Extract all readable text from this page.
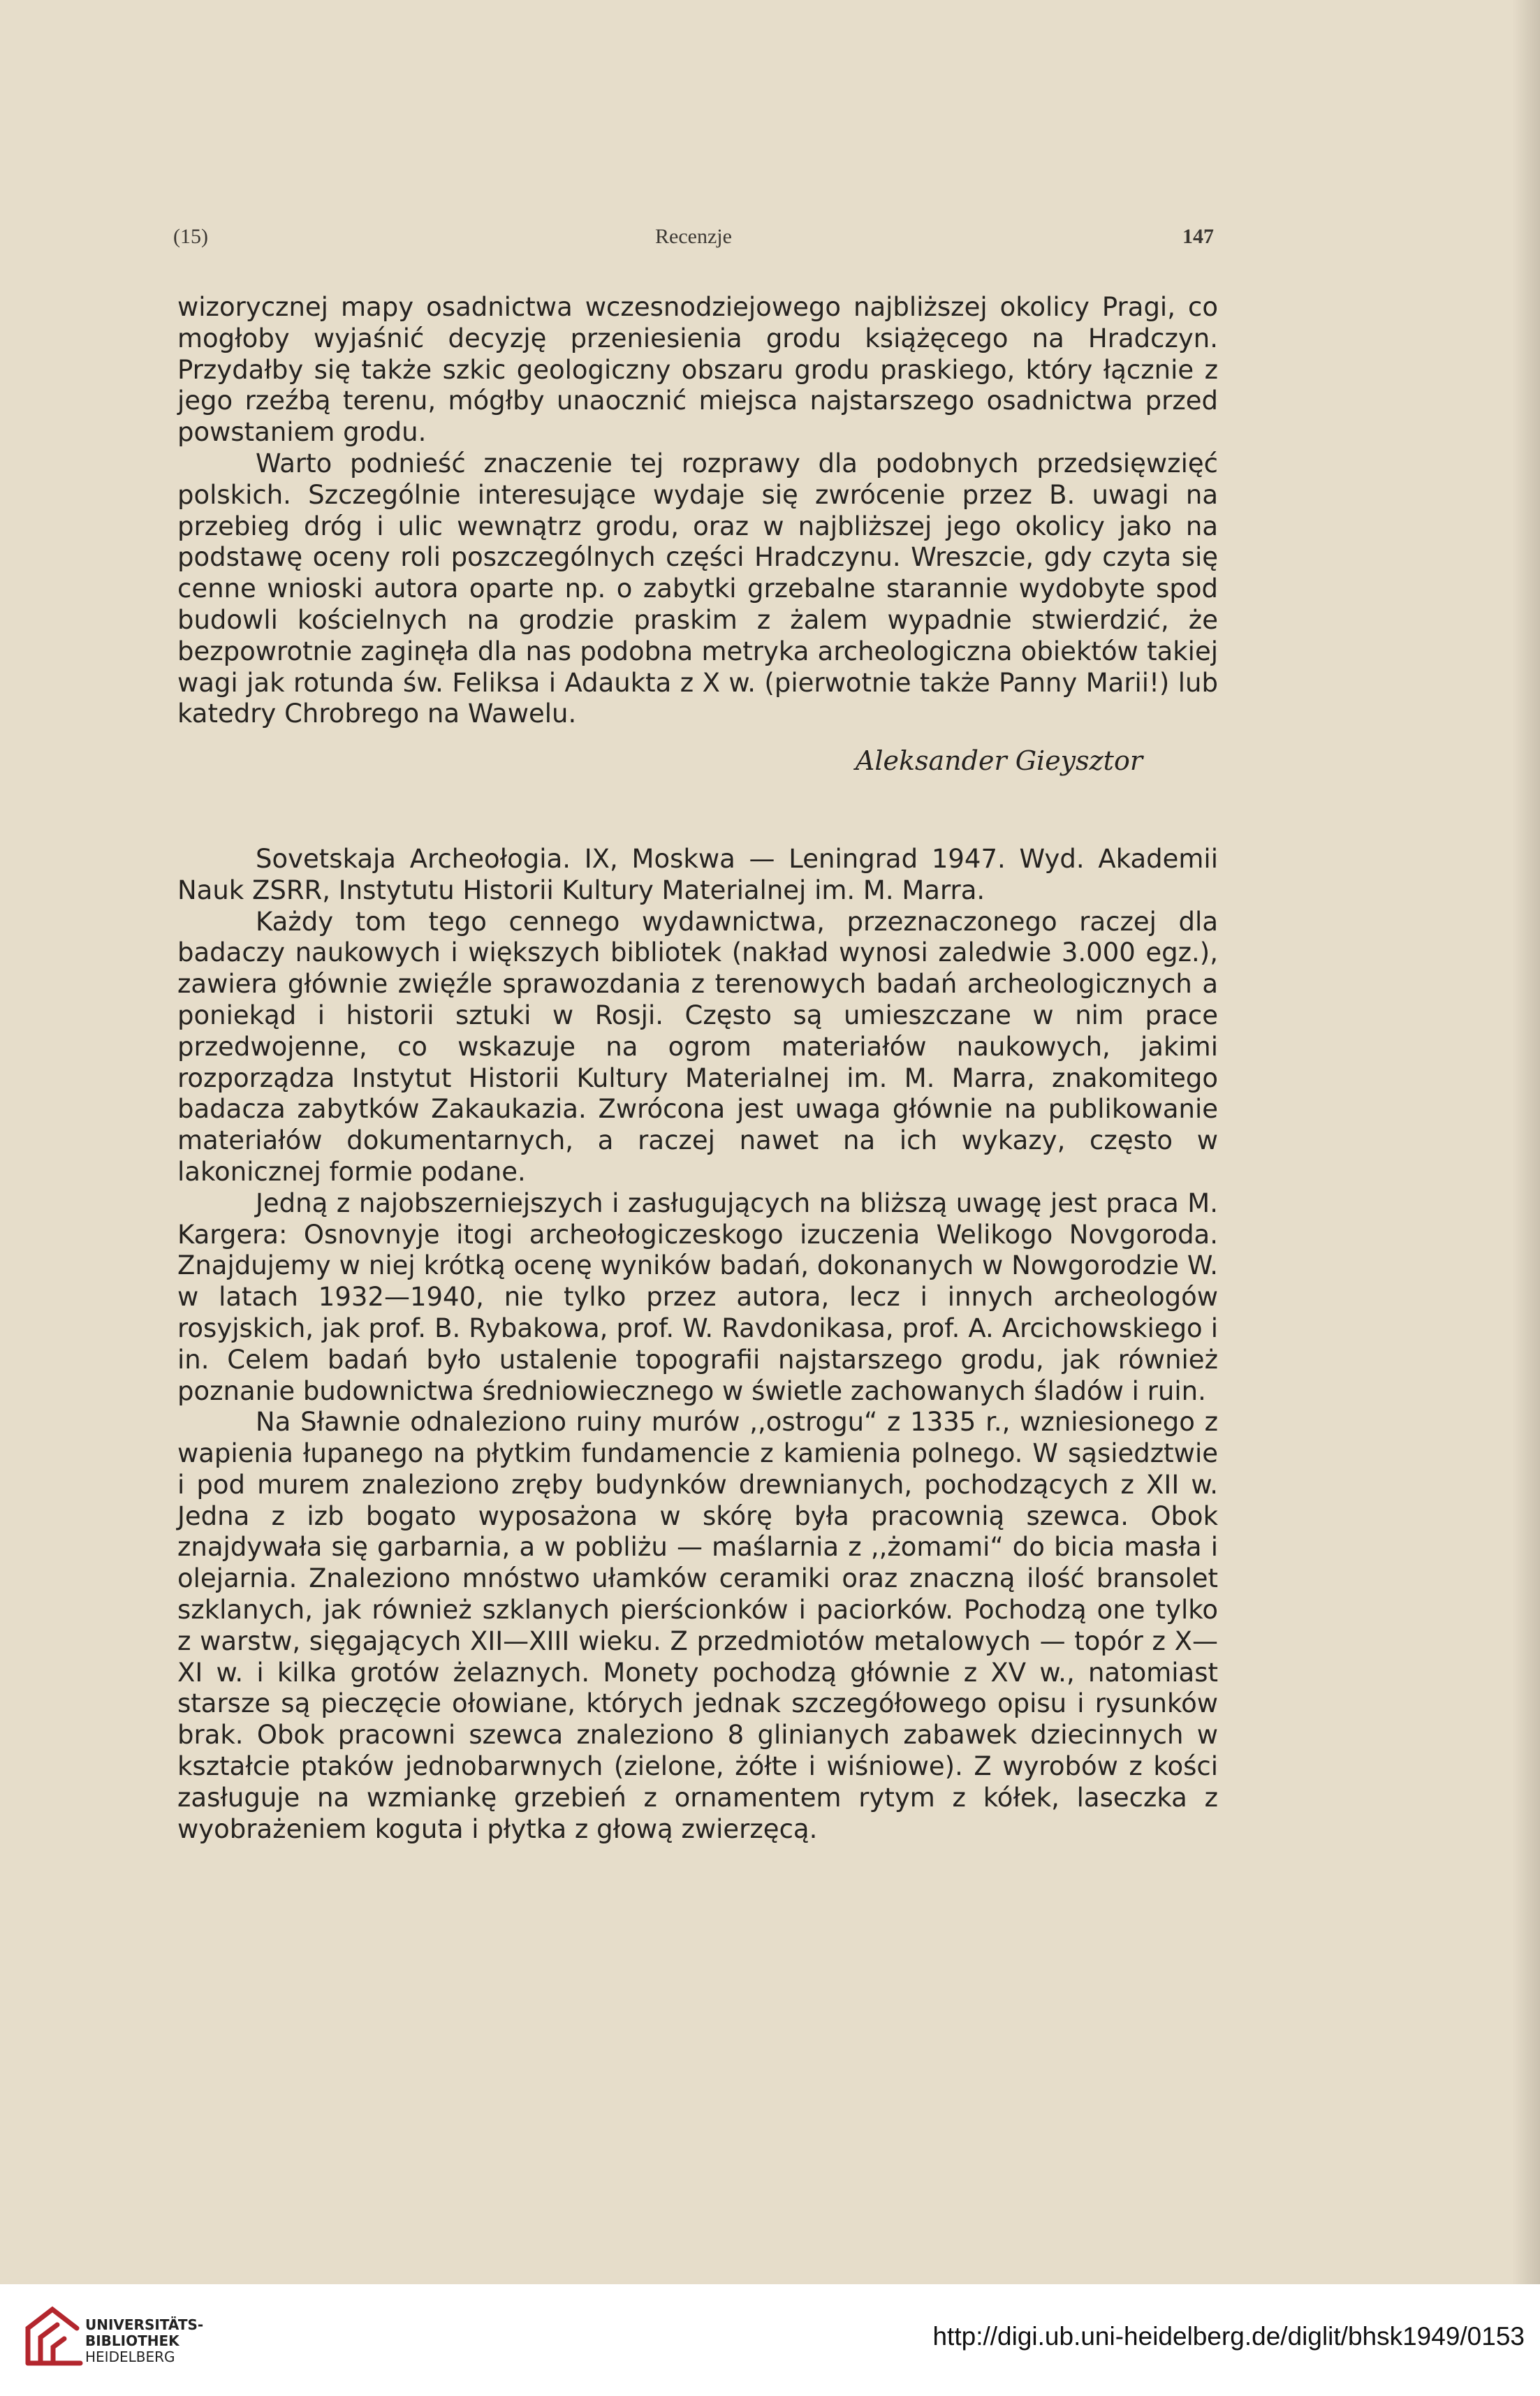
(15)	Recenzje	147

wizorycznej mapy osadnictwa wczesnodziejowego najbliższej okolicy Pragi, co mogłoby wyjaśnić decyzję przeniesienia grodu książęcego na Hradczyn. Przydałby się także szkic geologiczny obszaru grodu praskiego, który łącznie z jego rzeźbą terenu, mógłby unaocznić miejsca najstarszego osadnictwa przed powstaniem grodu.

Warto podnieść znaczenie tej rozprawy dla podobnych przedsięwzięć polskich. Szczególnie interesujące wydaje się zwrócenie przez B. uwagi na przebieg dróg i ulic wewnątrz grodu, oraz w najbliższej jego okolicy jako na podstawę oceny roli poszczególnych części Hradczynu. Wreszcie, gdy czyta się cenne wnioski autora oparte np. o zabytki grzebalne starannie wydobyte spod budowli kościelnych na grodzie praskim z żalem wypadnie stwierdzić, że bezpowrotnie zaginęła dla nas podobna metryka archeologiczna obiektów takiej wagi jak rotunda św. Feliksa i Adaukta z X w. (pierwotnie także Panny Marii!) lub katedry Chrobrego na Wawelu.

Aleksander Gieysztor

Sovetskaja Archeołogia. IX, Moskwa — Leningrad 1947. Wyd. Akademii Nauk ZSRR, Instytutu Historii Kultury Materialnej im. M. Marra.

Każdy tom tego cennego wydawnictwa, przeznaczonego raczej dla badaczy naukowych i większych bibliotek (nakład wynosi zaledwie 3.000 egz.), zawiera głównie zwięźle sprawozdania z terenowych badań archeologicznych a poniekąd i historii sztuki w Rosji. Często są umieszczane w nim prace przedwojenne, co wskazuje na ogrom materiałów naukowych, jakimi rozporządza Instytut Historii Kultury Materialnej im. M. Marra, znakomitego badacza zabytków Zakaukazia. Zwrócona jest uwaga głównie na publikowanie materiałów dokumentarnych, a raczej nawet na ich wykazy, często w lakonicznej formie podane.

Jedną z najobszerniejszych i zasługujących na bliższą uwagę jest praca M. Kargera: Osnovnyje itogi archeołogiczeskogo izuczenia Welikogo Novgoroda. Znajdujemy w niej krótką ocenę wyników badań, dokonanych w Nowgorodzie W. w latach 1932—1940, nie tylko przez autora, lecz i innych archeologów rosyjskich, jak prof. B. Rybakowa, prof. W. Ravdonikasa, prof. A. Arcichowskiego i in. Celem badań było ustalenie topografii najstarszego grodu, jak również poznanie budownictwa średniowiecznego w świetle zachowanych śladów i ruin.

Na Sławnie odnaleziono ruiny murów ,,ostrogu“ z 1335 r., wzniesionego z wapienia łupanego na płytkim fundamencie z kamienia polnego. W sąsiedztwie i pod murem znaleziono zręby budynków drewnianych, pochodzących z XII w. Jedna z izb bogato wyposażona w skórę była pracownią szewca. Obok znajdywała się garbarnia, a w pobliżu — maślarnia z ,,żomami“ do bicia masła i olejarnia. Znaleziono mnóstwo ułamków ceramiki oraz znaczną ilość bransolet szklanych, jak również szklanych pierścionków i paciorków. Pochodzą one tylko z warstw, sięgających XII—XIII wieku. Z przedmiotów metalowych — topór z X—XI w. i kilka grotów żelaznych. Monety pochodzą głównie z XV w., natomiast starsze są pieczęcie ołowiane, których jednak szczegółowego opisu i rysunków brak. Obok pracowni szewca znaleziono 8 glinianych zabawek dziecinnych w kształcie ptaków jednobarwnych (zielone, żółte i wiśniowe). Z wyrobów z kości zasługuje na wzmiankę grzebień z ornamentem rytym z kółek, laseczka z wyobrażeniem koguta i płytka z głową zwierzęcą.

UNIVERSITÄTS-
BIBLIOTHEK
HEIDELBERG
http://digi.ub.uni-heidelberg.de/diglit/bhsk1949/0153
